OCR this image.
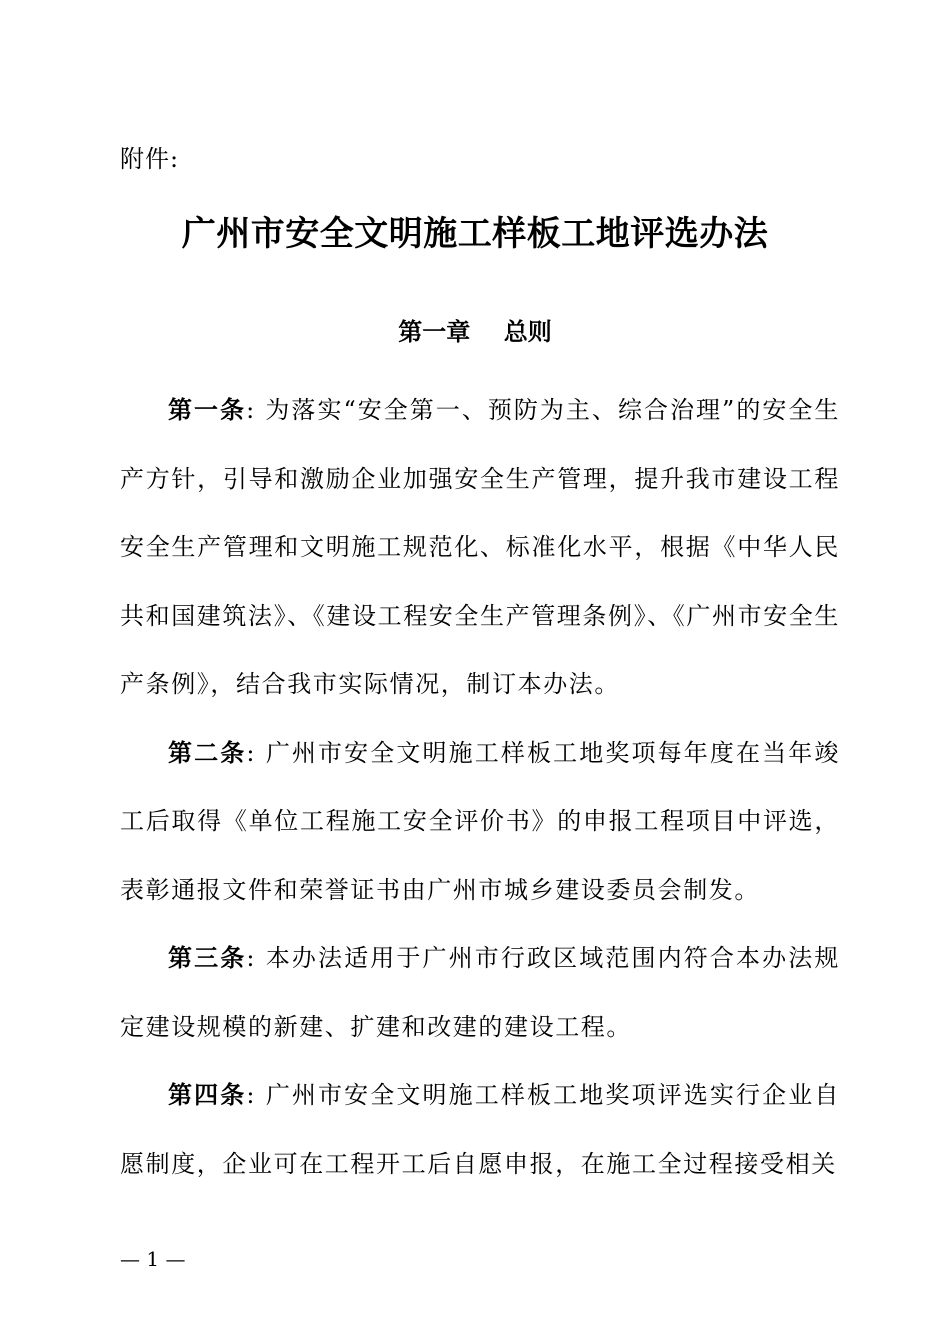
附件:
广州市安全文明施工样板工地评选办法
第一章    总则

第一条: 为落实“安全第一、预防为主、综合治理”的安全生产方针，引导和激励企业加强安全生产管理，提升我市建设工程安全生产管理和文明施工规范化、标准化水平，根据《中华人民共和国建筑法》、《建设工程安全生产管理条例》、《广州市安全生产条例》，结合我市实际情况，制订本办法。

第二条: 广州市安全文明施工样板工地奖项每年度在当年竣工后取得《单位工程施工安全评价书》的申报工程项目中评选，表彰通报文件和荣誉证书由广州市城乡建设委员会制发。

第三条: 本办法适用于广州市行政区域范围内符合本办法规定建设规模的新建、扩建和改建的建设工程。

第四条: 广州市安全文明施工样板工地奖项评选实行企业自愿制度，企业可在工程开工后自愿申报，在施工全过程接受相关

— 1 —
